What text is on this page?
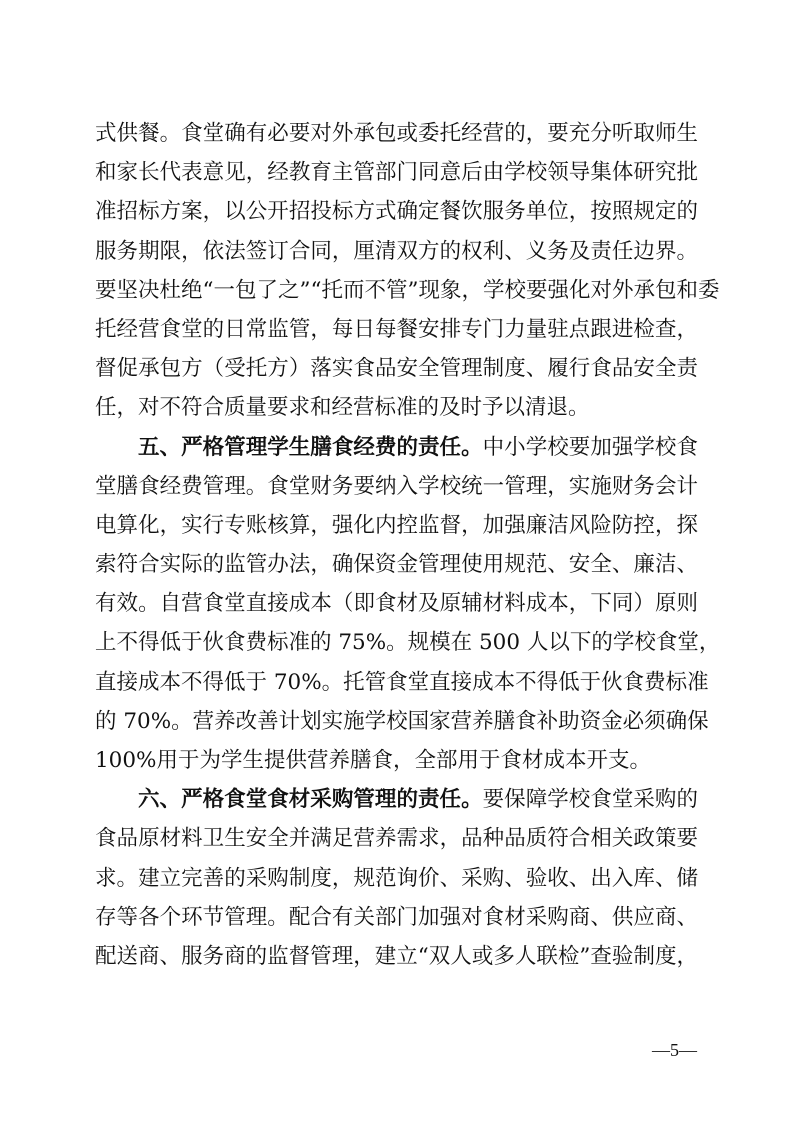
式供餐。食堂确有必要对外承包或委托经营的，要充分听取师生
和家长代表意见，经教育主管部门同意后由学校领导集体研究批
准招标方案，以公开招投标方式确定餐饮服务单位，按照规定的
服务期限，依法签订合同，厘清双方的权利、义务及责任边界。
要坚决杜绝“一包了之”“托而不管”现象，学校要强化对外承包和委
托经营食堂的日常监管，每日每餐安排专门力量驻点跟进检查，
督促承包方（受托方）落实食品安全管理制度、履行食品安全责
任，对不符合质量要求和经营标准的及时予以清退。
五、严格管理学生膳食经费的责任。中小学校要加强学校食
堂膳食经费管理。食堂财务要纳入学校统一管理，实施财务会计
电算化，实行专账核算，强化内控监督，加强廉洁风险防控，探
索符合实际的监管办法，确保资金管理使用规范、安全、廉洁、
有效。自营食堂直接成本（即食材及原辅材料成本，下同）原则
上不得低于伙食费标准的 75%。规模在 500 人以下的学校食堂，
直接成本不得低于 70%。托管食堂直接成本不得低于伙食费标准
的 70%。营养改善计划实施学校国家营养膳食补助资金必须确保
100%用于为学生提供营养膳食，全部用于食材成本开支。
六、严格食堂食材采购管理的责任。要保障学校食堂采购的
食品原材料卫生安全并满足营养需求，品种品质符合相关政策要
求。建立完善的采购制度，规范询价、采购、验收、出入库、储
存等各个环节管理。配合有关部门加强对食材采购商、供应商、
配送商、服务商的监督管理，建立“双人或多人联检”查验制度，
—5—
